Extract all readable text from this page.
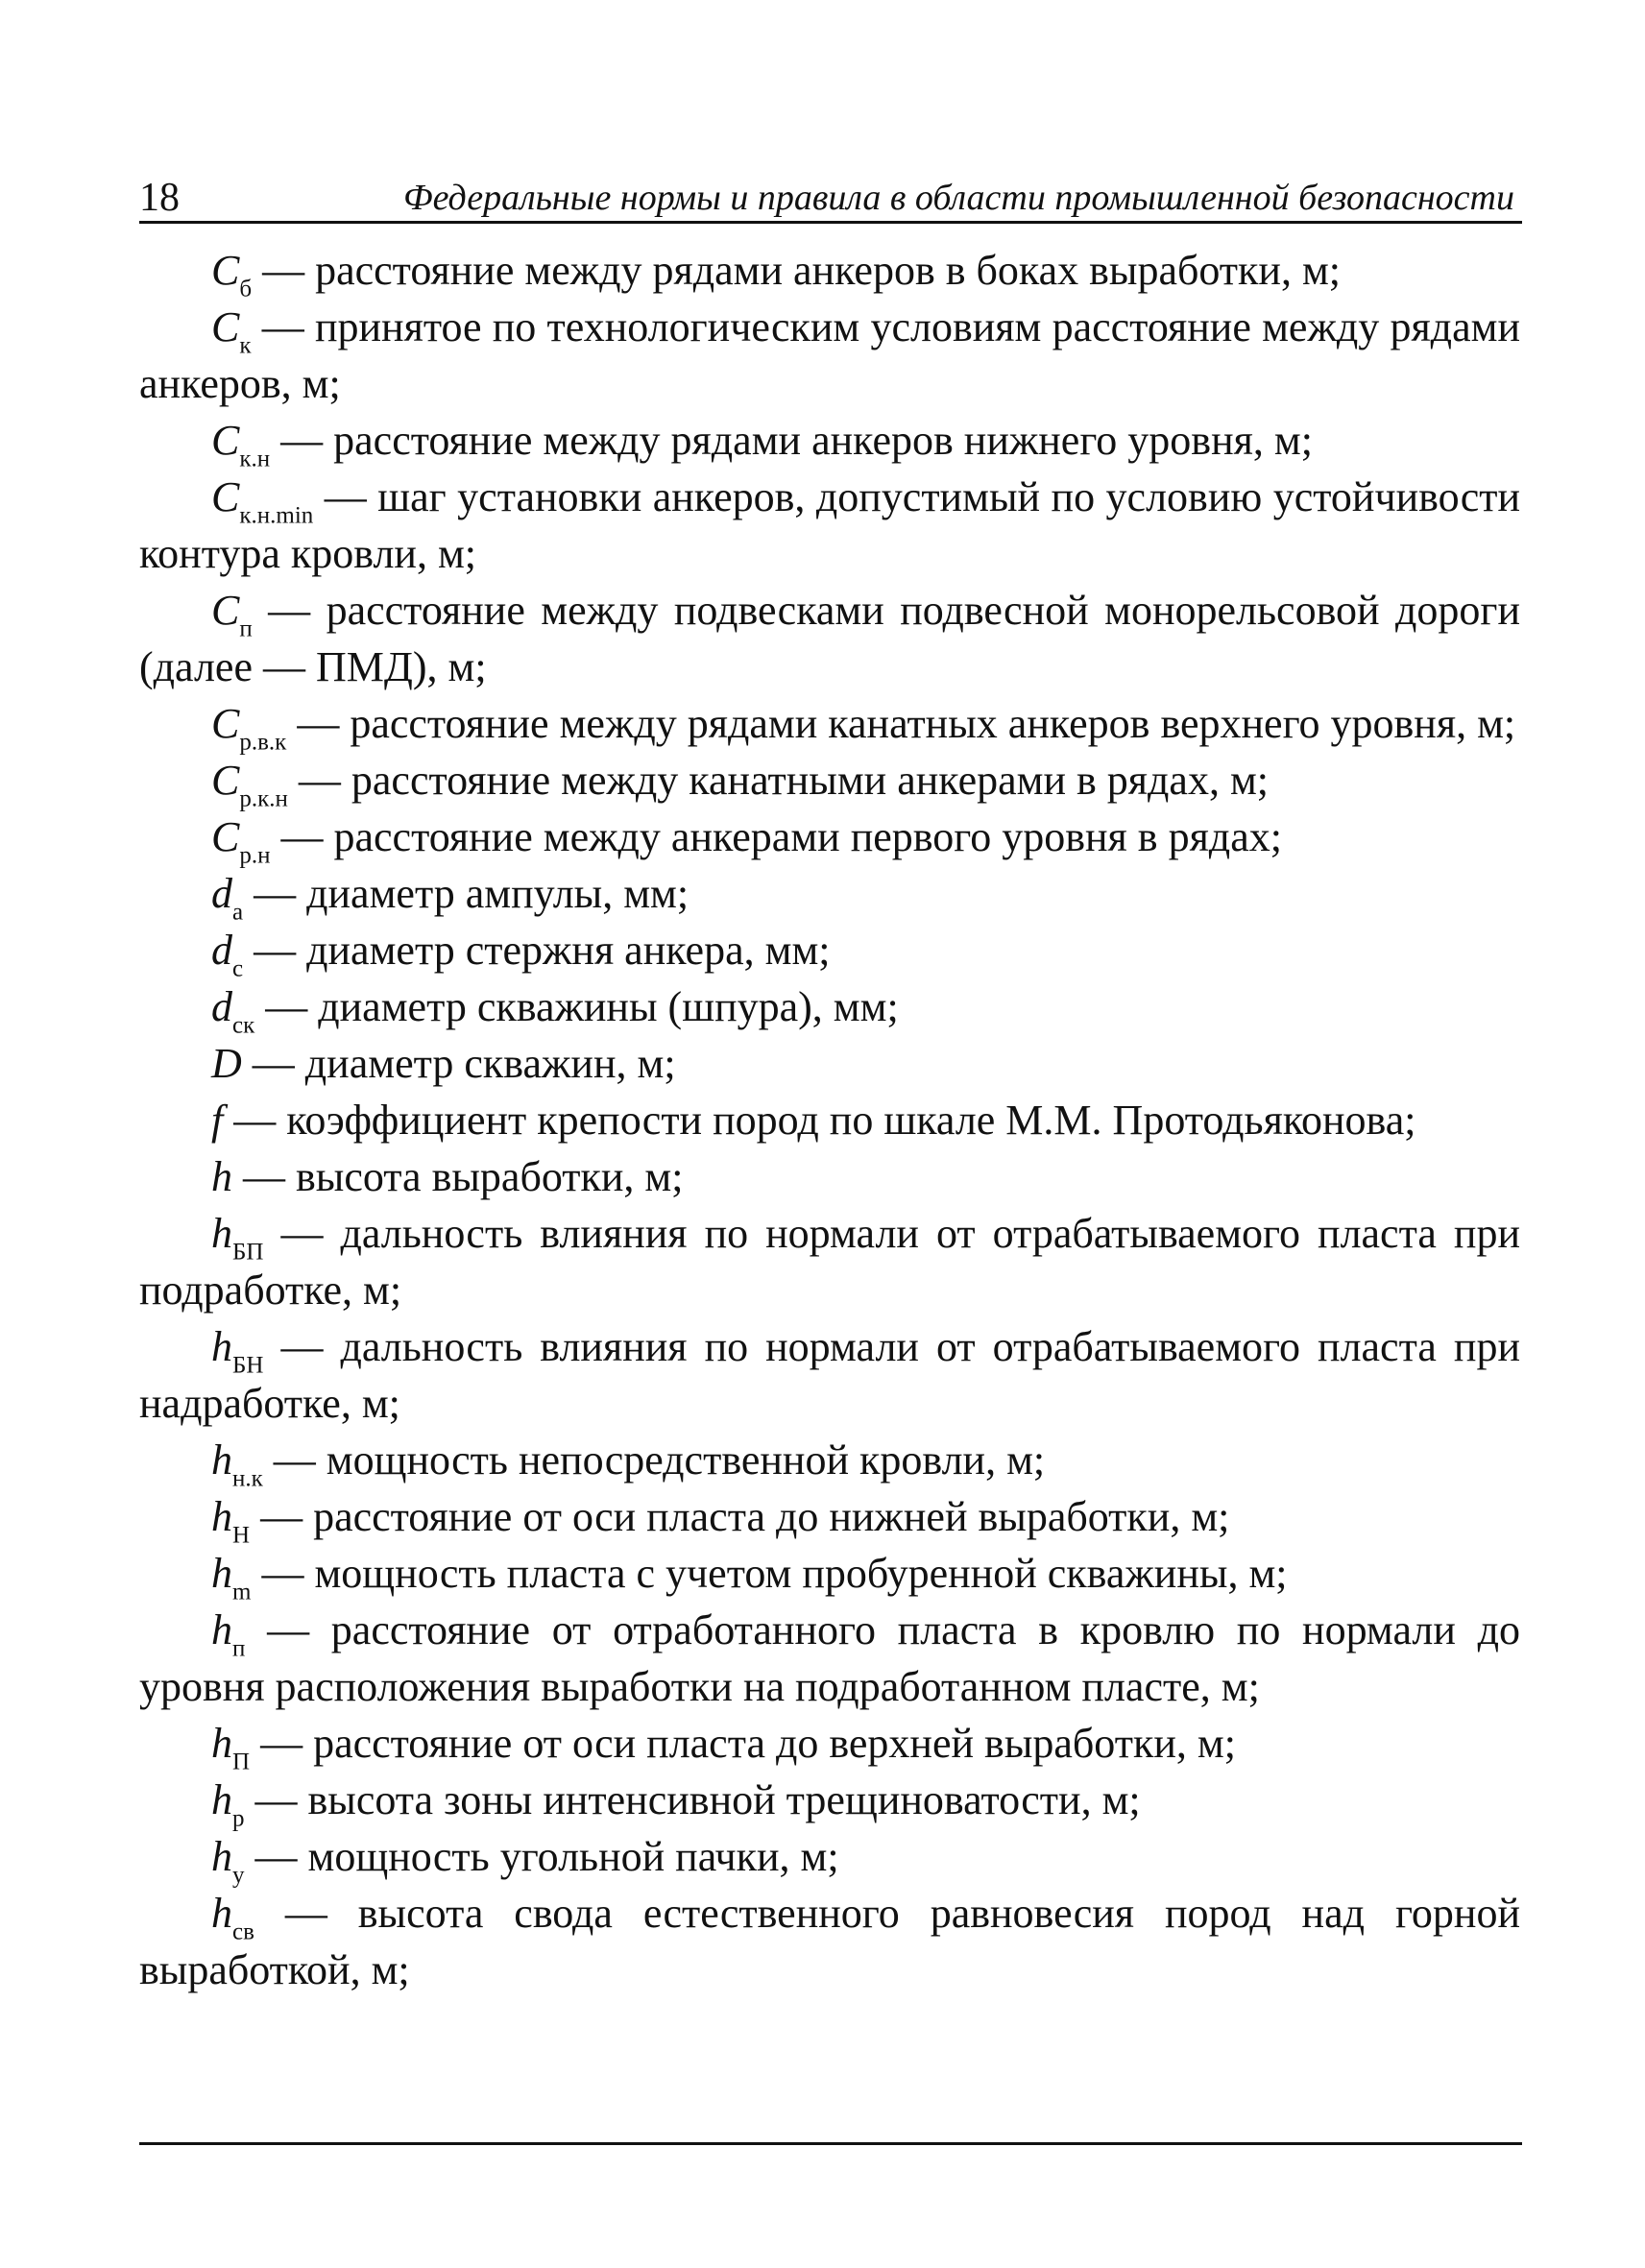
18	Федеральные нормы и правила в области промышленной безопасности

$C_б$ — расстояние между рядами анкеров в боках выработки, м;

$C_к$ — принятое по технологическим условиям расстояние между рядами анкеров, м;

$C_{к.н}$ — расстояние между рядами анкеров нижнего уровня, м;

$C_{к.н.min}$ — шаг установки анкеров, допустимый по условию устойчивости контура кровли, м;

$C_п$ — расстояние между подвесками подвесной монорельсовой дороги (далее — ПМД), м;

$C_{р.в.к}$ — расстояние между рядами канатных анкеров верхнего уровня, м;

$C_{р.к.н}$ — расстояние между канатными анкерами в рядах, м;

$C_{р.н}$ — расстояние между анкерами первого уровня в рядах;

$d_а$ — диаметр ампулы, мм;

$d_с$ — диаметр стержня анкера, мм;

$d_{ск}$ — диаметр скважины (шпура), мм;

D — диаметр скважин, м;

f — коэффициент крепости пород по шкале М.М. Протодьяконова;

h — высота выработки, м;

$h_{БП}$ — дальность влияния по нормали от отрабатываемого пласта при подработке, м;

$h_{БН}$ — дальность влияния по нормали от отрабатываемого пласта при надработке, м;

$h_{н.к}$ — мощность непосредственной кровли, м;

$h_Н$ — расстояние от оси пласта до нижней выработки, м;

$h_m$ — мощность пласта с учетом пробуренной скважины, м;

$h_п$ — расстояние от отработанного пласта в кровлю по нормали до уровня расположения выработки на подработанном пласте, м;

$h_П$ — расстояние от оси пласта до верхней выработки, м;

$h_р$ — высота зоны интенсивной трещиноватости, м;

$h_у$ — мощность угольной пачки, м;

$h_{св}$ — высота свода естественного равновесия пород над горной выработкой, м;
